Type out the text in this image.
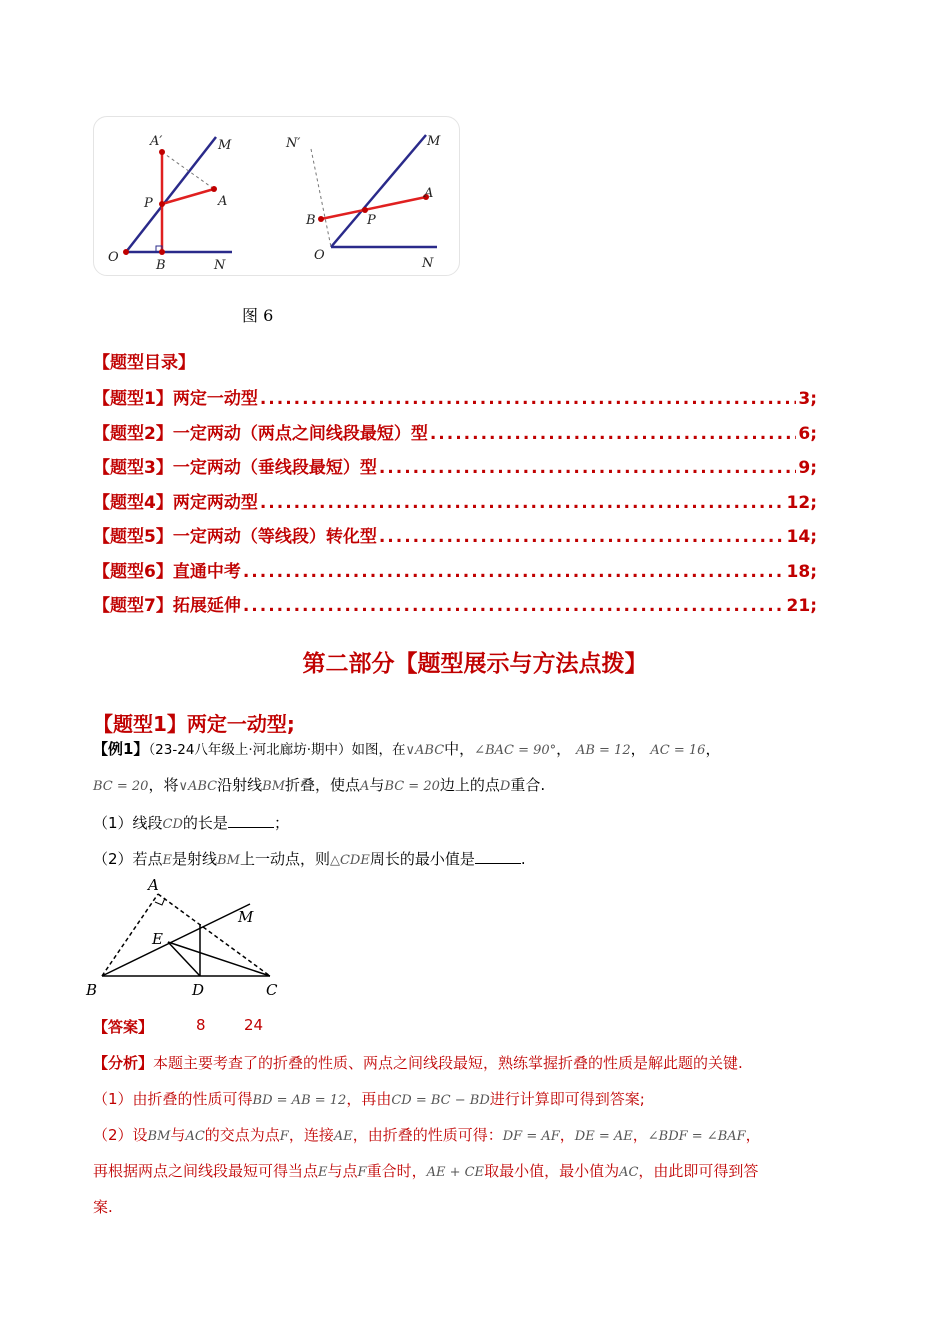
A′	M
P	A
O
B	N
N′	M
A
B	P
O
N
图 6
【题型目录】
【题型1】两定一动型 .....	3;
【题型2】一定两动（两点之间线段最短）型 .....	6;
【题型3】一定两动（垂线段最短）型 .....	9;
【题型4】两定两动型 .....	12;
【题型5】一定两动（等线段）转化型 .....	14;
【题型6】直通中考 .....	18;
【题型7】拓展延伸 .....	21;
第二部分【题型展示与方法点拨】
【题型1】两定一动型;
【例1】（23-24八年级上·河北廊坊·期中）如图，在∨ABC中，∠BAC = 90°， AB = 12， AC = 16，
BC = 20，将∨ABC沿射线BM折叠，使点A与BC = 20边上的点D重合.
（1）线段CD的长是	；
（2）若点E是射线BM上一动点，则△CDE周长的最小值是	.
A
M
E
B	D	C
【答案】	8	24
【分析】本题主要考查了的折叠的性质、两点之间线段最短，熟练掌握折叠的性质是解此题的关键.
（1）由折叠的性质可得BD = AB = 12，再由CD = BC − BD进行计算即可得到答案;
（2）设BM与AC的交点为点F，连接AE，由折叠的性质可得：DF = AF，DE = AE，∠BDF = ∠BAF，
再根据两点之间线段最短可得当点E与点F重合时，AE + CE取最小值，最小值为AC，由此即可得到答
案.
